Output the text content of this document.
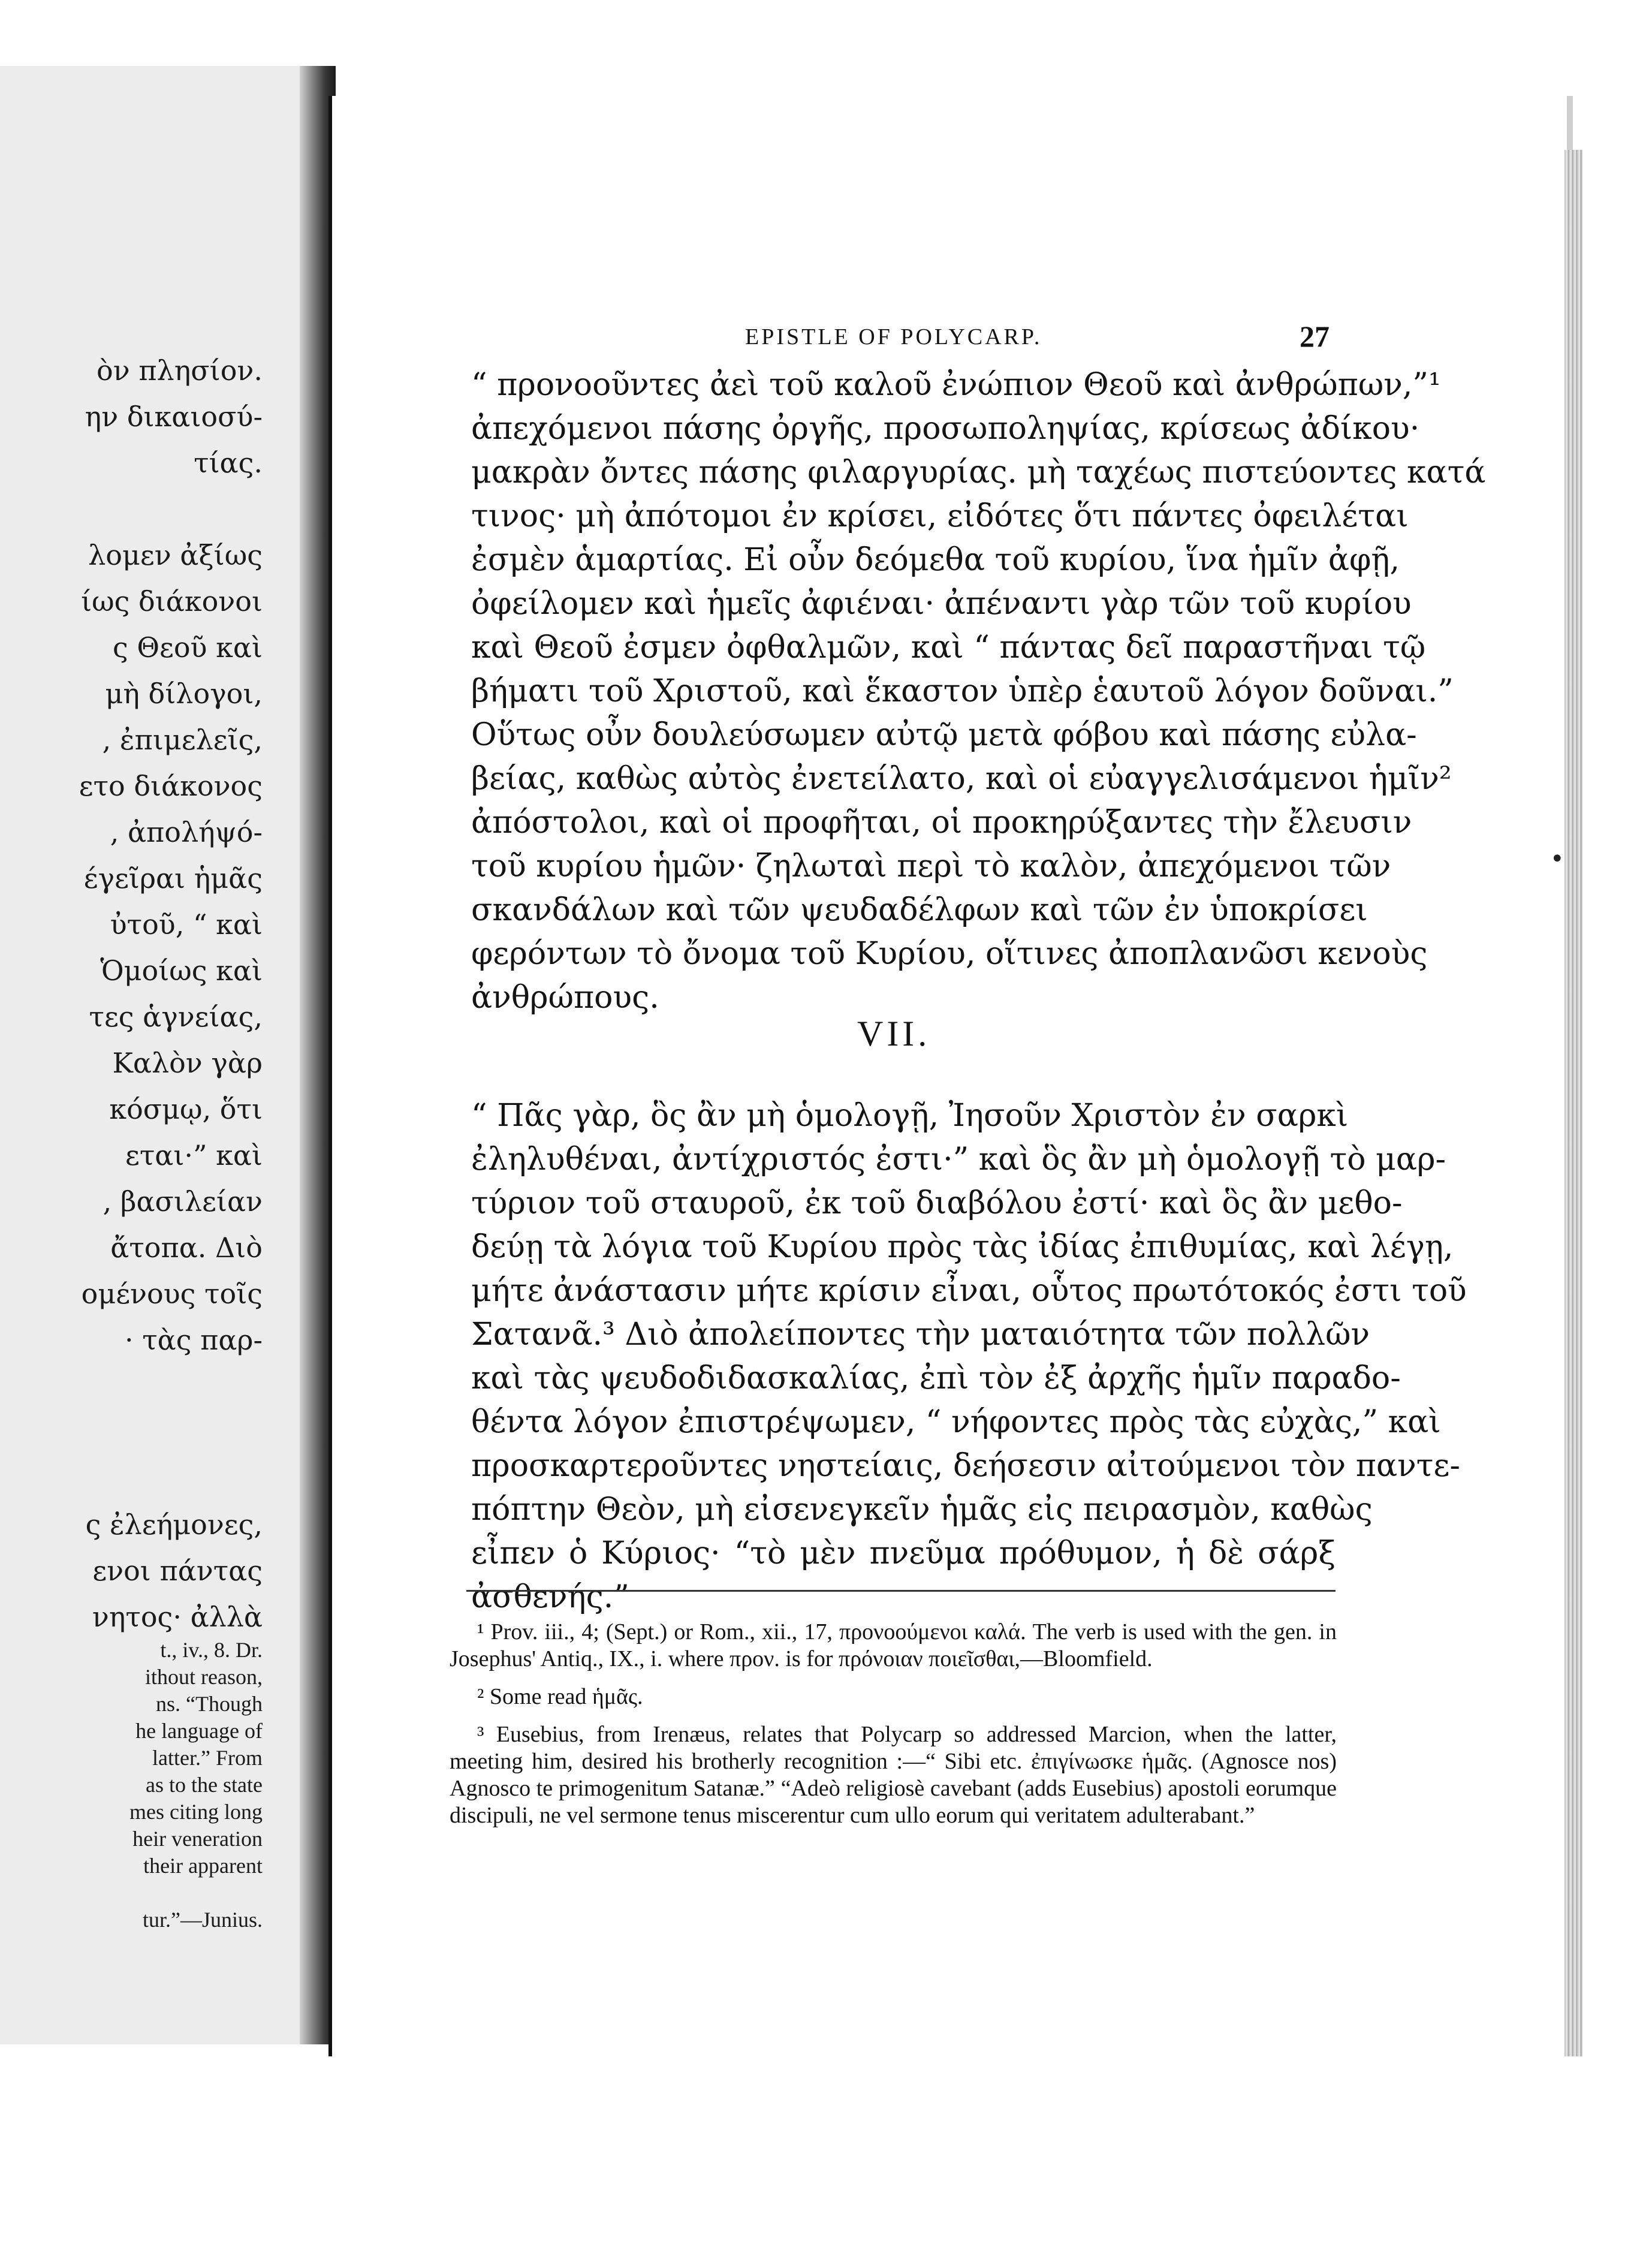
ὸν πλησίον.
ην δικαιοσύ-
τίας.

λομεν ἀξίως
ίως διάκονοι
ς Θεοῦ καὶ
μὴ δίλογοι,
, ἐπιμελεῖς,
ετο διάκονος
, ἀπολήψό-
έγεῖραι ἡμᾶς
ὐτοῦ, “ καὶ
Ὁμοίως καὶ
τες ἁγνείας,
Καλὸν γὰρ
κόσμῳ, ὅτι
εται·” καὶ
, βασιλείαν
ἄτοπα. Διὸ
ομένους τοῖς
· τὰς παρ-

ς ἐλεήμονες,
ενοι πάντας
νητος· ἀλλὰ
t., iv., 8. Dr.
ithout reason,
ns. “Though
he language of
latter.” From
as to the state
mes citing long
heir veneration
their apparent

tur.”—Junius.
EPISTLE OF POLYCARP.	27
“ προνοοῦντες ἀεὶ τοῦ καλοῦ ἐνώπιον Θεοῦ καὶ ἀνθρώπων,”¹
ἀπεχόμενοι πάσης ὀργῆς, προσωποληψίας, κρίσεως ἀδίκου·
μακρὰν ὄντες πάσης φιλαργυρίας. μὴ ταχέως πιστεύοντες κατά
τινος· μὴ ἀπότομοι ἐν κρίσει, εἰδότες ὅτι πάντες ὀφειλέται
ἐσμὲν ἁμαρτίας. Εἰ οὖν δεόμεθα τοῦ κυρίου, ἵνα ἡμῖν ἀφῇ,
ὀφείλομεν καὶ ἡμεῖς ἀφιέναι· ἀπέναντι γὰρ τῶν τοῦ κυρίου
καὶ Θεοῦ ἐσμεν ὀφθαλμῶν, καὶ “ πάντας δεῖ παραστῆναι τῷ
βήματι τοῦ Χριστοῦ, καὶ ἕκαστον ὑπὲρ ἑαυτοῦ λόγον δοῦναι.”
Οὕτως οὖν δουλεύσωμεν αὐτῷ μετὰ φόβου καὶ πάσης εὐλα-
βείας, καθὼς αὐτὸς ἐνετείλατο, καὶ οἱ εὐαγγελισάμενοι ἡμῖν²
ἀπόστολοι, καὶ οἱ προφῆται, οἱ προκηρύξαντες τὴν ἔλευσιν
τοῦ κυρίου ἡμῶν· ζηλωταὶ περὶ τὸ καλὸν, ἀπεχόμενοι τῶν
σκανδάλων καὶ τῶν ψευδαδέλφων καὶ τῶν ἐν ὑποκρίσει
φερόντων τὸ ὄνομα τοῦ Κυρίου, οἵτινες ἀποπλανῶσι κενοὺς
ἀνθρώπους.
VII.
“ Πᾶς γὰρ, ὃς ἂν μὴ ὁμολογῇ, Ἰησοῦν Χριστὸν ἐν σαρκὶ
ἐληλυθέναι, ἀντίχριστός ἐστι·” καὶ ὃς ἂν μὴ ὁμολογῇ τὸ μαρ-
τύριον τοῦ σταυροῦ, ἐκ τοῦ διαβόλου ἐστί· καὶ ὃς ἂν μεθο-
δεύῃ τὰ λόγια τοῦ Κυρίου πρὸς τὰς ἰδίας ἐπιθυμίας, καὶ λέγῃ,
μήτε ἀνάστασιν μήτε κρίσιν εἶναι, οὗτος πρωτότοκός ἐστι τοῦ
Σατανᾶ.³ Διὸ ἀπολείποντες τὴν ματαιότητα τῶν πολλῶν
καὶ τὰς ψευδοδιδασκαλίας, ἐπὶ τὸν ἐξ ἀρχῆς ἡμῖν παραδο-
θέντα λόγον ἐπιστρέψωμεν, “ νήφοντες πρὸς τὰς εὐχὰς,” καὶ
προσκαρτεροῦντες νηστείαις, δεήσεσιν αἰτούμενοι τὸν παντε-
πόπτην Θεὸν, μὴ εἰσενεγκεῖν ἡμᾶς εἰς πειρασμὸν, καθὼς
εἶπεν ὁ Κύριος· “τὸ μὲν πνεῦμα πρόθυμον, ἡ δὲ σάρξ
ἀσθενής.”
¹ Prov. iii., 4; (Sept.) or Rom., xii., 17, προνοούμενοι καλά. The verb is used with the gen. in Josephus' Antiq., IX., i. where προν. is for πρόνοιαν ποιεῖσθαι,—Bloomfield.
² Some read ἡμᾶς.
³ Eusebius, from Irenæus, relates that Polycarp so addressed Marcion, when the latter, meeting him, desired his brotherly recognition :—“ Sibi etc. ἐπιγίνωσκε ἡμᾶς. (Agnosce nos) Agnosco te primogenitum Satanæ.” “Adeò religiosè cavebant (adds Eusebius) apostoli eorumque discipuli, ne vel sermone tenus miscerentur cum ullo eorum qui veritatem adulterabant.”
•
